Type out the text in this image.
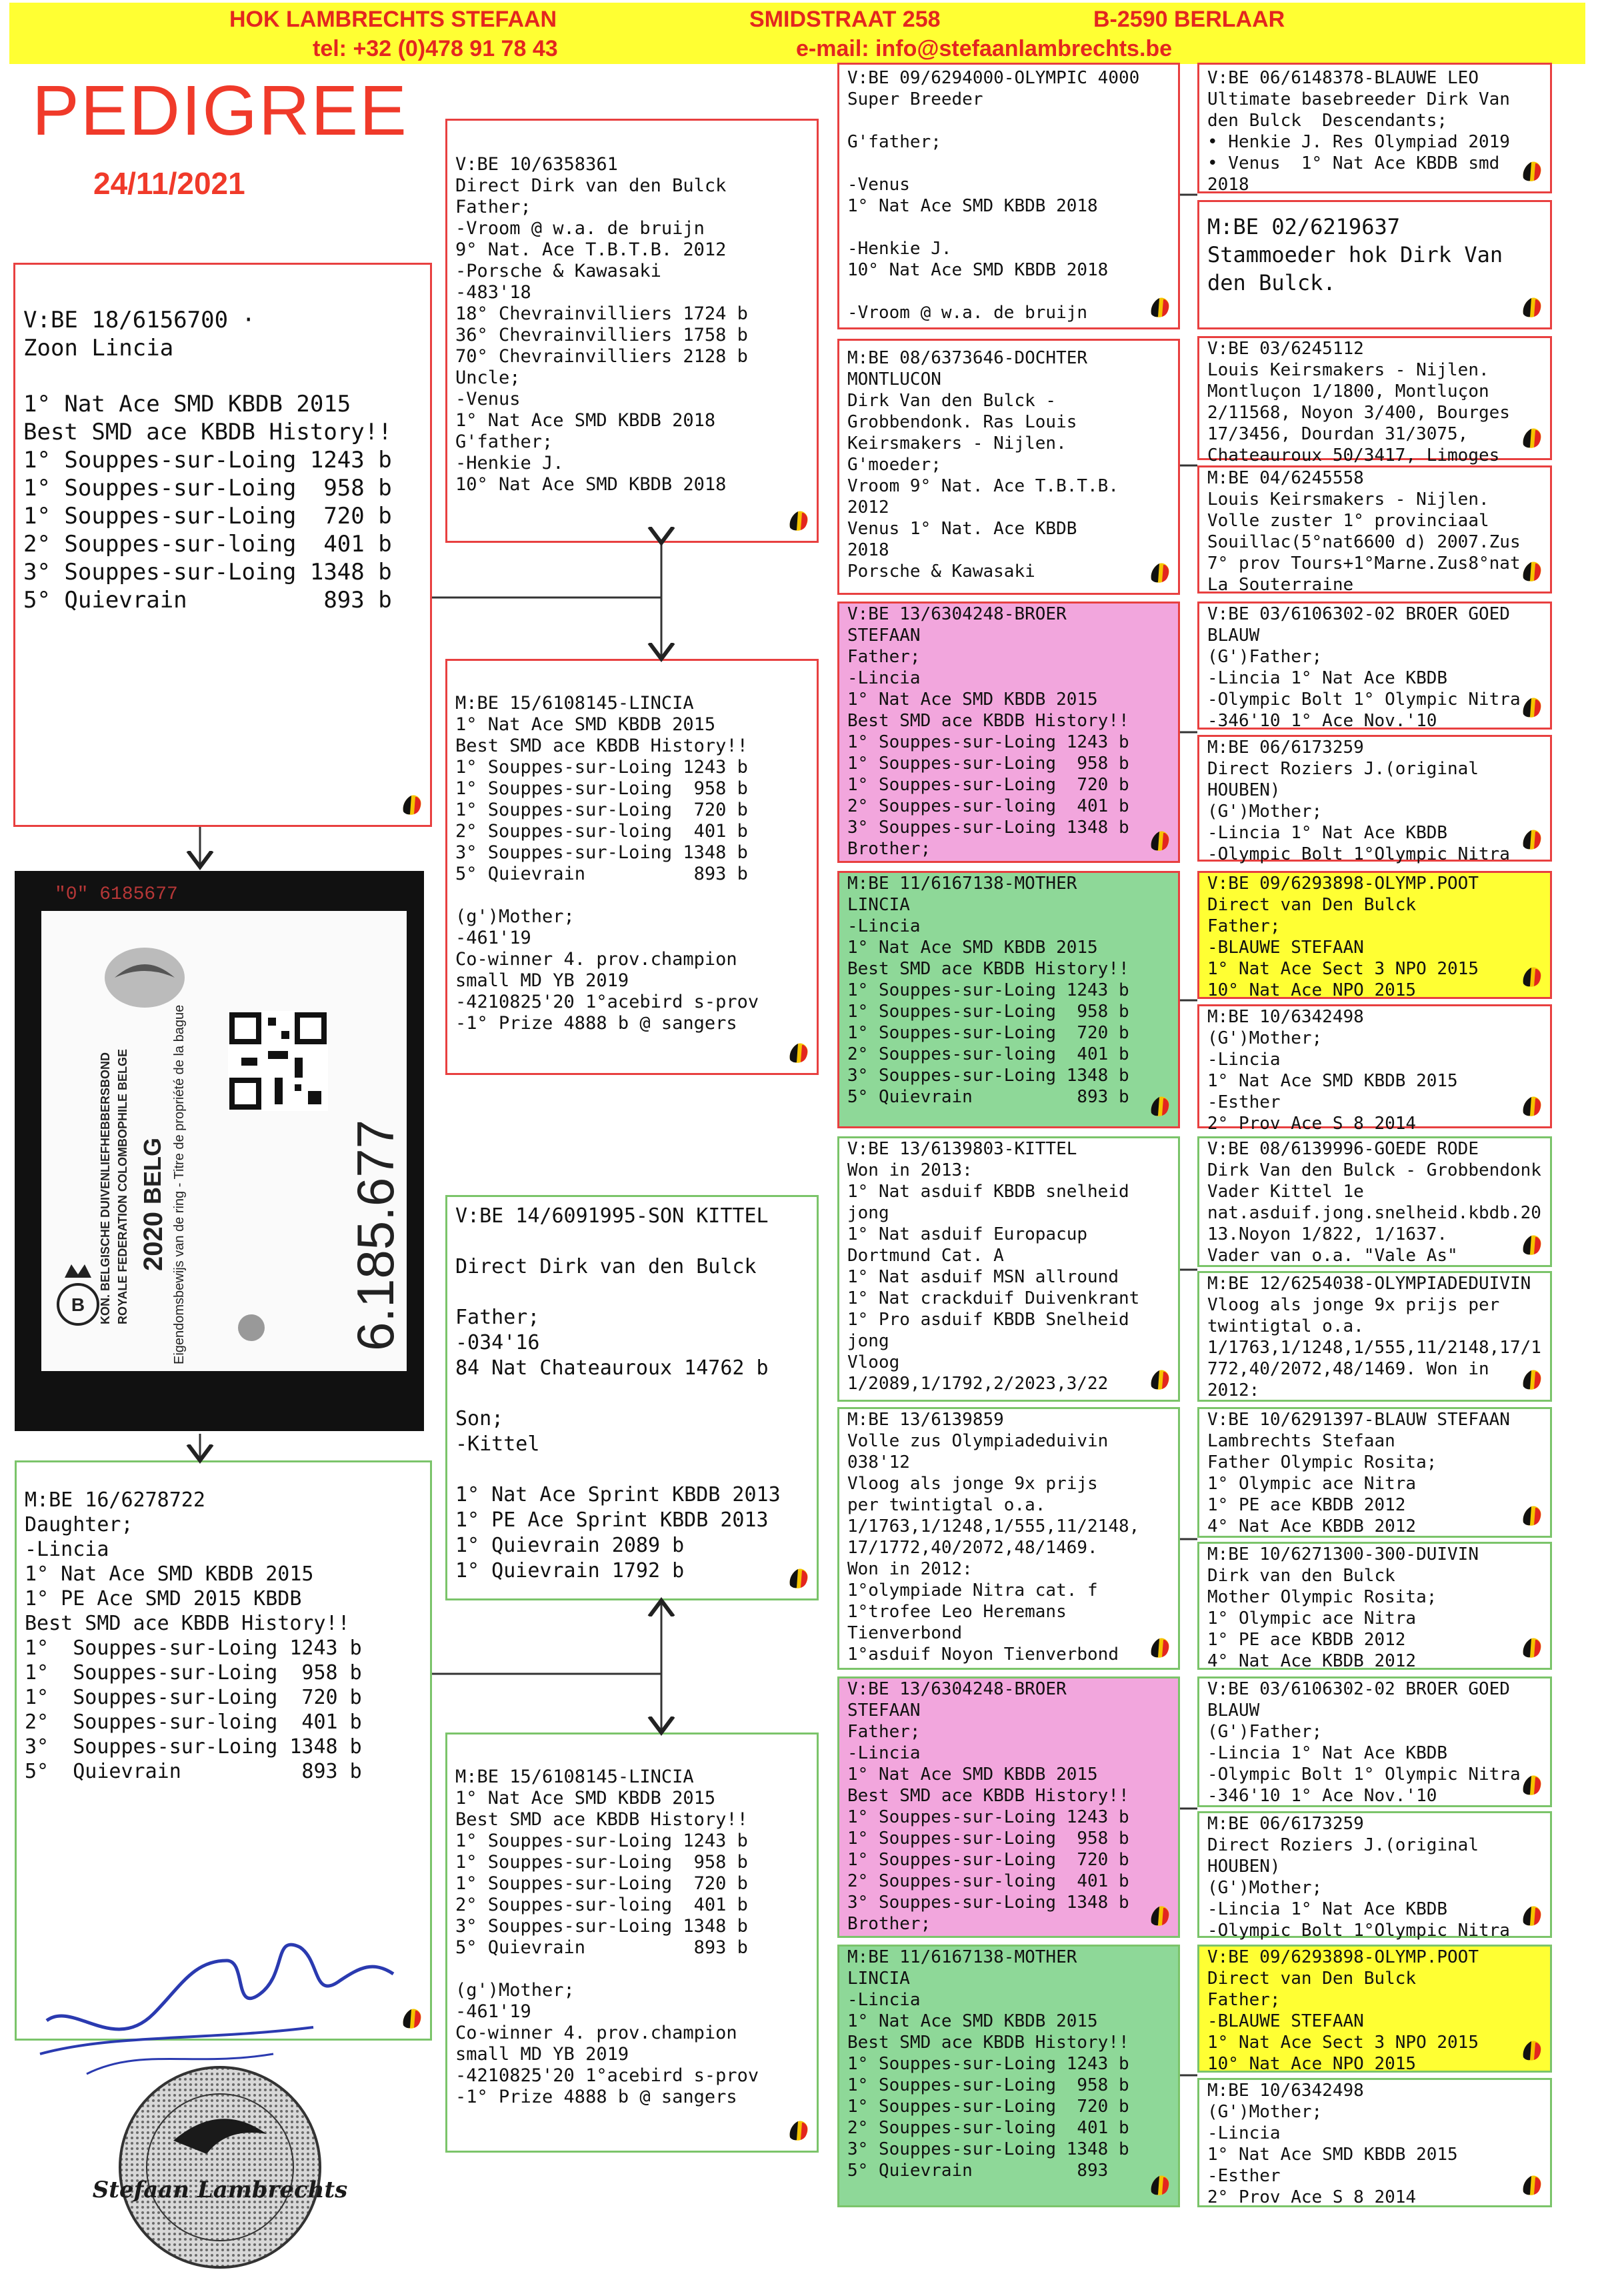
HOK LAMBRECHTS STEFAAN	SMIDSTRAAT 258	B-2590 BERLAAR
tel: +32 (0)478 91 78 43	e-mail: info@stefaanlambrechts.be
PEDIGREE
24/11/2021
V:BE 18/6156700 ·
Zoon Lincia

1° Nat Ace SMD KBDB 2015
Best SMD ace KBDB History!!
1° Souppes-sur-Loing 1243 b
1° Souppes-sur-Loing  958 b
1° Souppes-sur-Loing  720 b
2° Souppes-sur-loing  401 b
3° Souppes-sur-Loing 1348 b
5° Quievrain          893 b
M:BE 16/6278722
Daughter;
-Lincia
1° Nat Ace SMD KBDB 2015
1° PE Ace SMD 2015 KBDB
Best SMD ace KBDB History!!
1°  Souppes-sur-Loing 1243 b
1°  Souppes-sur-Loing  958 b
1°  Souppes-sur-Loing  720 b
2°  Souppes-sur-loing  401 b
3°  Souppes-sur-Loing 1348 b
5°  Quievrain          893 b
"0" 6185677
B KON. BELGISCHE DUIVENLIEFHEBBERSBOND ROYALE FEDERATION COLOMBOPHILE BELGE 2020
BELG Eigendomsbewijs van de ring - Titre de propriété de la bague	6.185.677
V:BE 10/6358361
Direct Dirk van den Bulck
Father;
-Vroom @ w.a. de bruijn
9° Nat. Ace T.B.T.B. 2012
-Porsche & Kawasaki
-483'18
18° Chevrainvilliers 1724 b
36° Chevrainvilliers 1758 b
70° Chevrainvilliers 2128 b
Uncle;
-Venus
1° Nat Ace SMD KBDB 2018
G'father;
-Henkie J.
10° Nat Ace SMD KBDB 2018
M:BE 15/6108145-LINCIA
1° Nat Ace SMD KBDB 2015
Best SMD ace KBDB History!!
1° Souppes-sur-Loing 1243 b
1° Souppes-sur-Loing  958 b
1° Souppes-sur-Loing  720 b
2° Souppes-sur-loing  401 b
3° Souppes-sur-Loing 1348 b
5° Quievrain          893 b

(g')Mother;
-461'19
Co-winner 4. prov.champion
small MD YB 2019
-4210825'20 1°acebird s-prov
-1° Prize 4888 b @ sangers
V:BE 14/6091995-SON KITTEL

Direct Dirk van den Bulck

Father;
-034'16
84 Nat Chateauroux 14762 b

Son;
-Kittel

1° Nat Ace Sprint KBDB 2013
1° PE Ace Sprint KBDB 2013
1° Quievrain 2089 b
1° Quievrain 1792 b
M:BE 15/6108145-LINCIA
1° Nat Ace SMD KBDB 2015
Best SMD ace KBDB History!!
1° Souppes-sur-Loing 1243 b
1° Souppes-sur-Loing  958 b
1° Souppes-sur-Loing  720 b
2° Souppes-sur-loing  401 b
3° Souppes-sur-Loing 1348 b
5° Quievrain          893 b

(g')Mother;
-461'19
Co-winner 4. prov.champion
small MD YB 2019
-4210825'20 1°acebird s-prov
-1° Prize 4888 b @ sangers
V:BE 09/6294000-OLYMPIC 4000
Super Breeder

G'father;

-Venus
1° Nat Ace SMD KBDB 2018

-Henkie J.
10° Nat Ace SMD KBDB 2018

-Vroom @ w.a. de bruijn
M:BE 08/6373646-DOCHTER
MONTLUCON
Dirk Van den Bulck -
Grobbendonk. Ras Louis
Keirsmakers - Nijlen.
G'moeder;
Vroom 9° Nat. Ace T.B.T.B.
2012
Venus 1° Nat. Ace KBDB
2018
Porsche & Kawasaki
V:BE 13/6304248-BROER
STEFAAN
Father;
-Lincia
1° Nat Ace SMD KBDB 2015
Best SMD ace KBDB History!!
1° Souppes-sur-Loing 1243 b
1° Souppes-sur-Loing  958 b
1° Souppes-sur-Loing  720 b
2° Souppes-sur-loing  401 b
3° Souppes-sur-Loing 1348 b
Brother;
M:BE 11/6167138-MOTHER
LINCIA
-Lincia
1° Nat Ace SMD KBDB 2015
Best SMD ace KBDB History!!
1° Souppes-sur-Loing 1243 b
1° Souppes-sur-Loing  958 b
1° Souppes-sur-Loing  720 b
2° Souppes-sur-loing  401 b
3° Souppes-sur-Loing 1348 b
5° Quievrain          893 b
V:BE 13/6139803-KITTEL
Won in 2013:
1° Nat asduif KBDB snelheid
jong
1° Nat asduif Europacup
Dortmund Cat. A
1° Nat asduif MSN allround
1° Nat crackduif Duivenkrant
1° Pro asduif KBDB Snelheid
jong
Vloog
1/2089,1/1792,2/2023,3/22
M:BE 13/6139859
Volle zus Olympiadeduivin
038'12
Vloog als jonge 9x prijs
per twintigtal o.a.
1/1763,1/1248,1/555,11/2148,
17/1772,40/2072,48/1469.
Won in 2012:
1°olympiade Nitra cat. f
1°trofee Leo Heremans
Tienverbond
1°asduif Noyon Tienverbond
V:BE 13/6304248-BROER
STEFAAN
Father;
-Lincia
1° Nat Ace SMD KBDB 2015
Best SMD ace KBDB History!!
1° Souppes-sur-Loing 1243 b
1° Souppes-sur-Loing  958 b
1° Souppes-sur-Loing  720 b
2° Souppes-sur-loing  401 b
3° Souppes-sur-Loing 1348 b
Brother;
M:BE 11/6167138-MOTHER
LINCIA
-Lincia
1° Nat Ace SMD KBDB 2015
Best SMD ace KBDB History!!
1° Souppes-sur-Loing 1243 b
1° Souppes-sur-Loing  958 b
1° Souppes-sur-Loing  720 b
2° Souppes-sur-loing  401 b
3° Souppes-sur-Loing 1348 b
5° Quievrain          893
V:BE 06/6148378-BLAUWE LEO
Ultimate basebreeder Dirk Van
den Bulck  Descendants;
• Henkie J. Res Olympiad 2019
• Venus  1° Nat Ace KBDB smd
2018
M:BE 02/6219637
Stammoeder hok Dirk Van
den Bulck.
V:BE 03/6245112
Louis Keirsmakers - Nijlen.
Montluçon 1/1800, Montluçon
2/11568, Noyon 3/400, Bourges
17/3456, Dourdan 31/3075,
Chateauroux 50/3417, Limoges
M:BE 04/6245558
Louis Keirsmakers - Nijlen.
Volle zuster 1° provinciaal
Souillac(5°nat6600 d) 2007.Zus
7° prov Tours+1°Marne.Zus8°nat
La Souterraine
V:BE 03/6106302-02 BROER GOED
BLAUW
(G')Father;
-Lincia 1° Nat Ace KBDB
-Olympic Bolt 1° Olympic Nitra
-346'10 1° Ace Nov.'10
M:BE 06/6173259
Direct Roziers J.(original
HOUBEN)
(G')Mother;
-Lincia 1° Nat Ace KBDB
-Olympic Bolt 1°Olympic Nitra
V:BE 09/6293898-OLYMP.POOT
Direct van Den Bulck
Father;
-BLAUWE STEFAAN
1° Nat Ace Sect 3 NPO 2015
10° Nat Ace NPO 2015
M:BE 10/6342498
(G')Mother;
-Lincia
1° Nat Ace SMD KBDB 2015
-Esther
2° Prov Ace S 8 2014
V:BE 08/6139996-GOEDE RODE
Dirk Van den Bulck - Grobbendonk
Vader Kittel 1e
nat.asduif.jong.snelheid.kbdb.20
13.Noyon 1/822, 1/1637.
Vader van o.a. "Vale As"
M:BE 12/6254038-OLYMPIADEDUIVIN
Vloog als jonge 9x prijs per
twintigtal o.a.
1/1763,1/1248,1/555,11/2148,17/1
772,40/2072,48/1469. Won in
2012:
V:BE 10/6291397-BLAUW STEFAAN
Lambrechts Stefaan
Father Olympic Rosita;
1° Olympic ace Nitra
1° PE ace KBDB 2012
4° Nat Ace KBDB 2012
M:BE 10/6271300-300-DUIVIN
Dirk van den Bulck
Mother Olympic Rosita;
1° Olympic ace Nitra
1° PE ace KBDB 2012
4° Nat Ace KBDB 2012
V:BE 03/6106302-02 BROER GOED
BLAUW
(G')Father;
-Lincia 1° Nat Ace KBDB
-Olympic Bolt 1° Olympic Nitra
-346'10 1° Ace Nov.'10
M:BE 06/6173259
Direct Roziers J.(original
HOUBEN)
(G')Mother;
-Lincia 1° Nat Ace KBDB
-Olympic Bolt 1°Olympic Nitra
V:BE 09/6293898-OLYMP.POOT
Direct van Den Bulck
Father;
-BLAUWE STEFAAN
1° Nat Ace Sect 3 NPO 2015
10° Nat Ace NPO 2015
M:BE 10/6342498
(G')Mother;
-Lincia
1° Nat Ace SMD KBDB 2015
-Esther
2° Prov Ace S 8 2014
Stefaan Lambrechts
